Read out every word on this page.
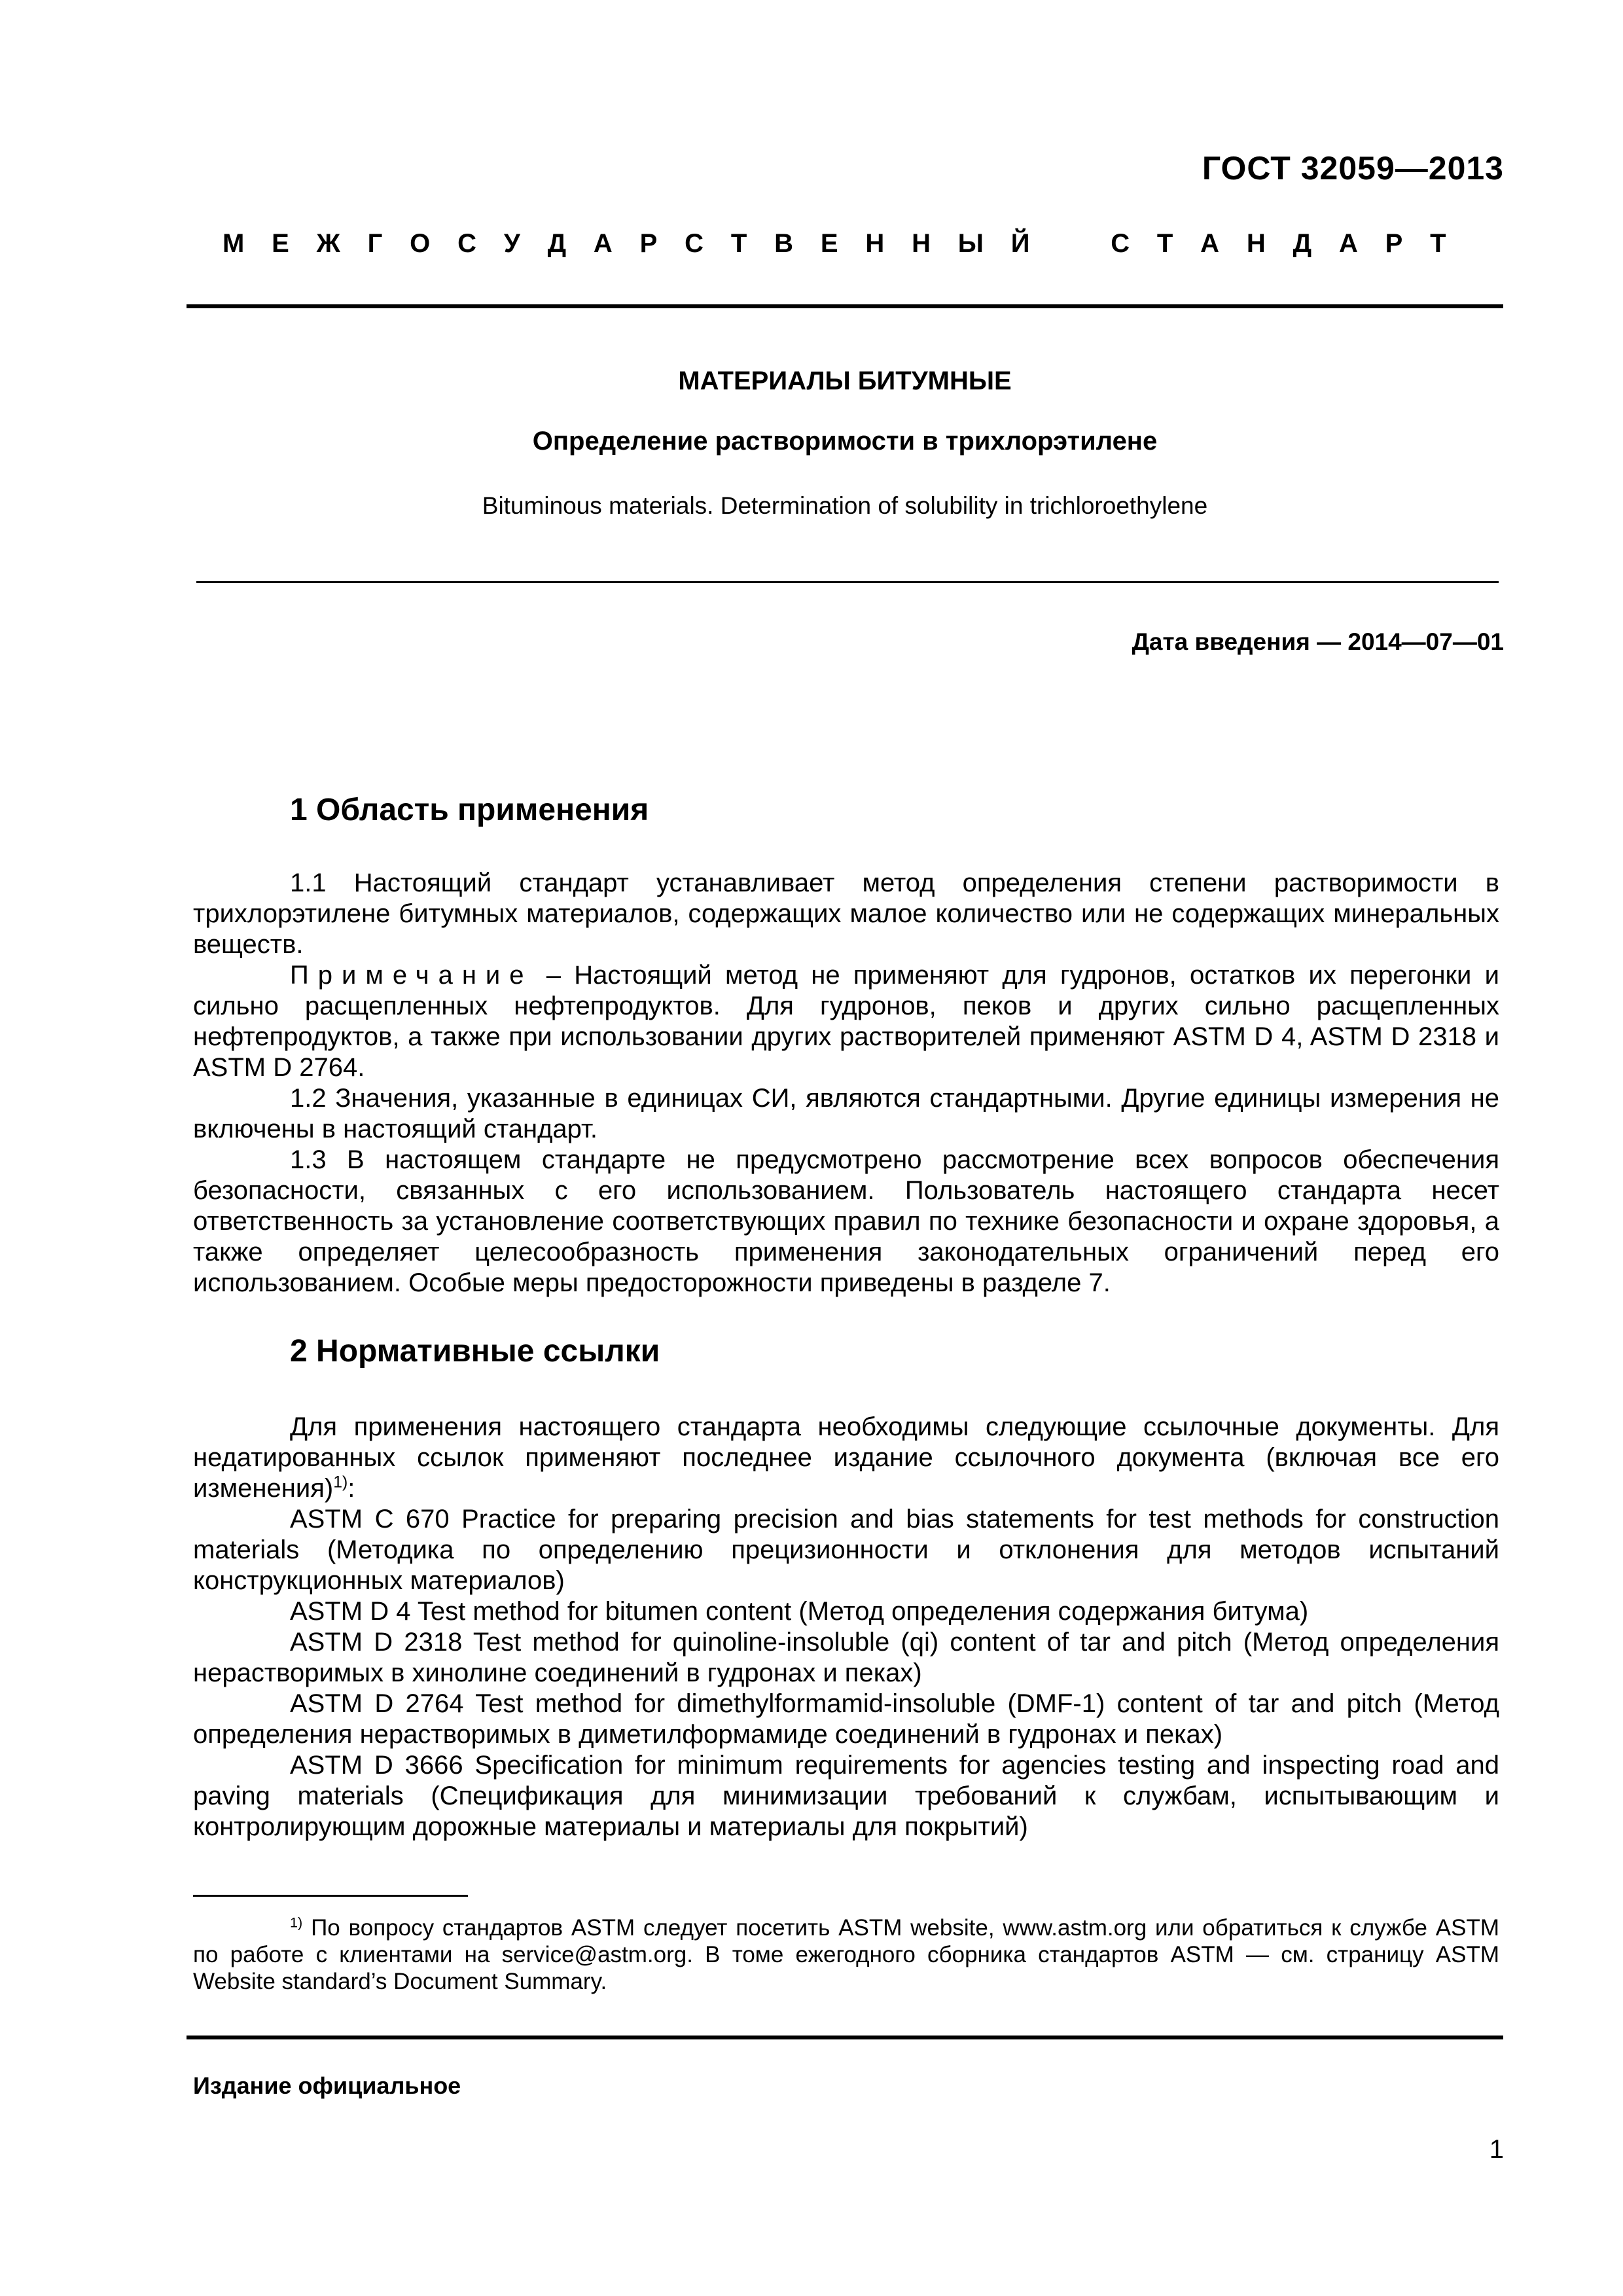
ГОСТ 32059—2013
М Е Ж Г О С У Д А Р С Т В Е Н Н Ы Й	С Т А Н Д А Р Т
МАТЕРИАЛЫ БИТУМНЫЕ
Определение растворимости в трихлорэтилене
Bituminous materials. Determination of solubility in trichloroethylene
Дата введения — 2014—07—01
1 Область применения

1.1 Настоящий стандарт устанавливает метод определения степени растворимости в трихлорэтилене битумных материалов, содержащих малое количество или не содержащих минеральных веществ.

Примечание – Настоящий метод не применяют для гудронов, остатков их перегонки и сильно расщепленных нефтепродуктов. Для гудронов, пеков и других сильно расщепленных нефтепродуктов, а также при использовании других растворителей применяют ASTM D 4, ASTM D 2318 и ASTM D 2764.

1.2 Значения, указанные в единицах СИ, являются стандартными. Другие единицы измерения не включены в настоящий стандарт.

1.3 В настоящем стандарте не предусмотрено рассмотрение всех вопросов обеспечения безопасности, связанных с его использованием. Пользователь настоящего стандарта несет ответственность за установление соответствующих правил по технике безопасности и охране здоровья, а также определяет целесообразность применения законодательных ограничений перед его использованием. Особые меры предосторожности приведены в разделе 7.

2 Нормативные ссылки

Для применения настоящего стандарта необходимы следующие ссылочные документы. Для недатированных ссылок применяют последнее издание ссылочного документа (включая все его изменения)$^{1)}$:

ASTM C 670 Practice for preparing precision and bias statements for test methods for construction materials (Методика по определению прецизионности и отклонения для методов испытаний конструкционных материалов)

ASTM D 4 Test method for bitumen content (Метод определения содержания битума)

ASTM D 2318 Test method for quinoline-insoluble (qi) content of tar and pitch (Метод определения нерастворимых в хинолине соединений в гудронах и пеках)

ASTM D 2764 Test method for dimethylformamid-insoluble (DMF-1) content of tar and pitch (Метод определения нерастворимых в диметилформамиде соединений в гудронах и пеках)

ASTM D 3666 Specification for minimum requirements for agencies testing and inspecting road and paving materials (Спецификация для минимизации требований к службам, испытывающим и контролирующим дорожные материалы и материалы для покрытий)

$^{1)}$ По вопросу стандартов ASTM следует посетить ASTM website, www.astm.org или обратиться к службе ASTM по работе с клиентами на service@astm.org. В томе ежегодного сборника стандартов ASTM — см. страницу ASTM Website standard’s Document Summary.

Издание официальное
1
